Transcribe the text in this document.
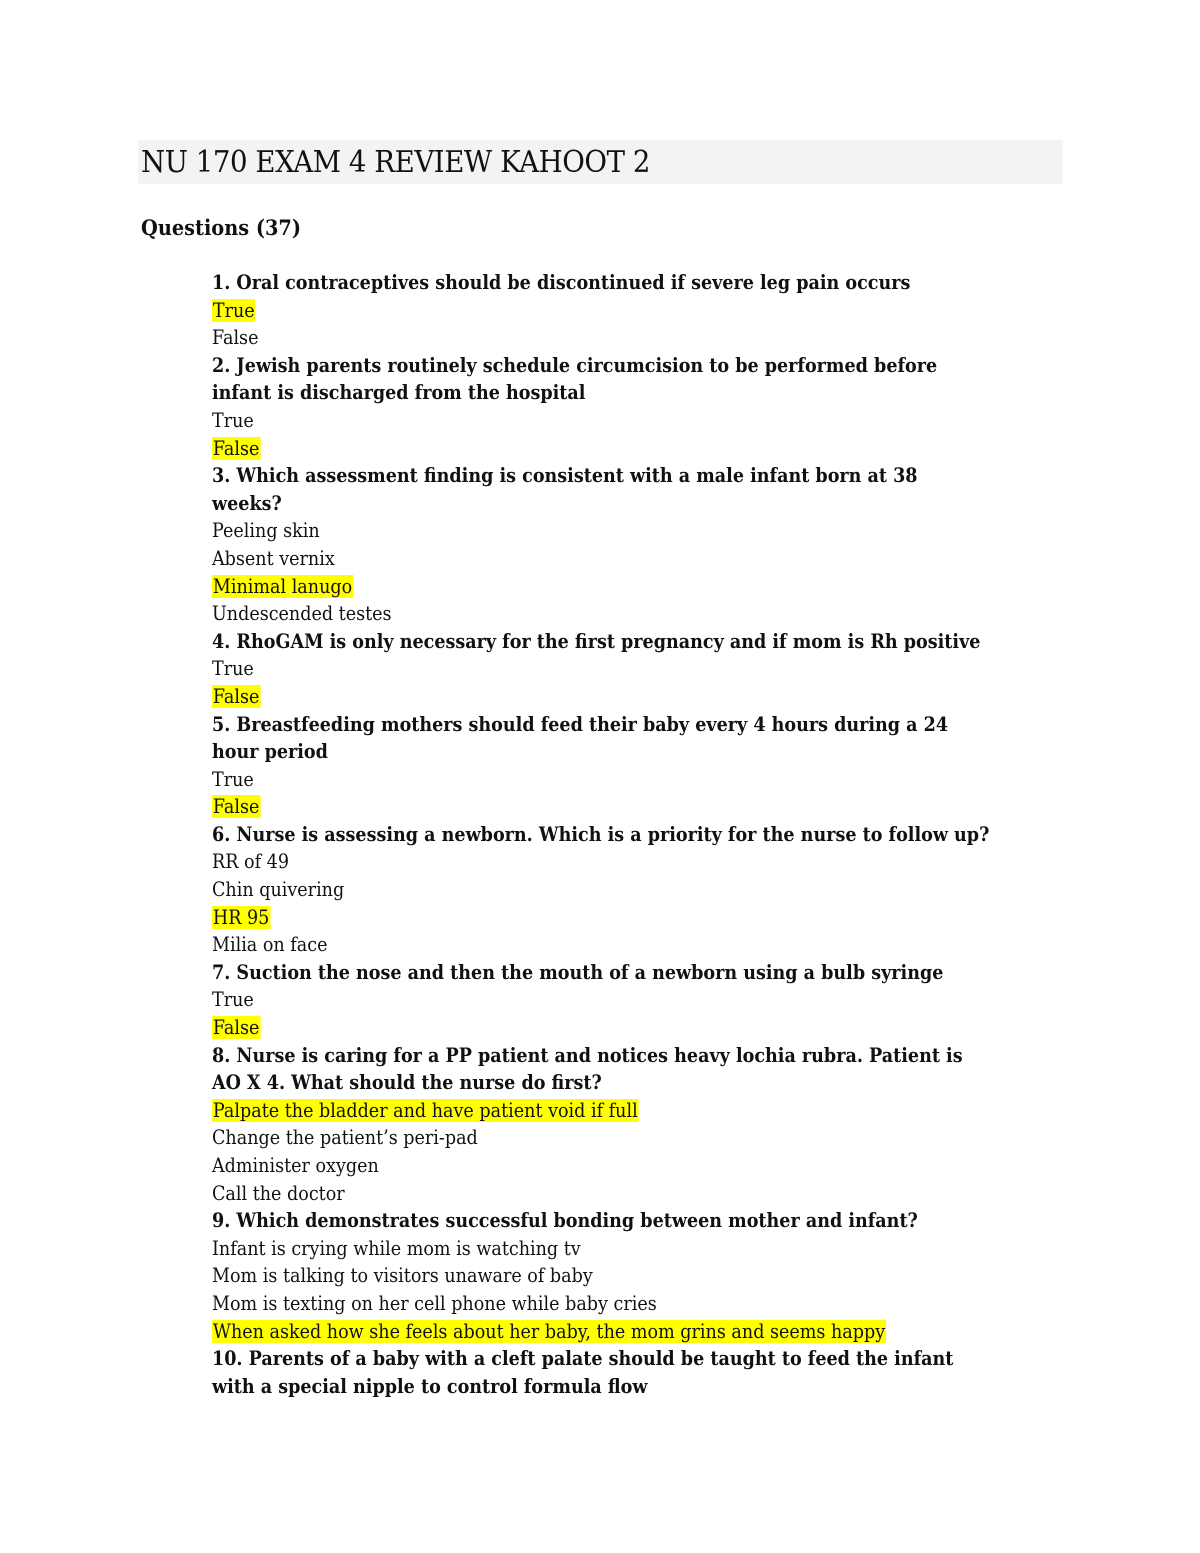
NU 170 EXAM 4 REVIEW KAHOOT 2
Questions (37)
1. Oral contraceptives should be discontinued if severe leg pain occurs
True
False
2. Jewish parents routinely schedule circumcision to be performed before
infant is discharged from the hospital
True
False
3. Which assessment finding is consistent with a male infant born at 38
weeks?
Peeling skin
Absent vernix
Minimal lanugo
Undescended testes
4. RhoGAM is only necessary for the first pregnancy and if mom is Rh positive
True
False
5. Breastfeeding mothers should feed their baby every 4 hours during a 24
hour period
True
False
6. Nurse is assessing a newborn. Which is a priority for the nurse to follow up?
RR of 49
Chin quivering
HR 95
Milia on face
7. Suction the nose and then the mouth of a newborn using a bulb syringe
True
False
8. Nurse is caring for a PP patient and notices heavy lochia rubra. Patient is
AO X 4. What should the nurse do first?
Palpate the bladder and have patient void if full
Change the patient’s peri-pad
Administer oxygen
Call the doctor
9. Which demonstrates successful bonding between mother and infant?
Infant is crying while mom is watching tv
Mom is talking to visitors unaware of baby
Mom is texting on her cell phone while baby cries
When asked how she feels about her baby, the mom grins and seems happy
10. Parents of a baby with a cleft palate should be taught to feed the infant
with a special nipple to control formula flow
